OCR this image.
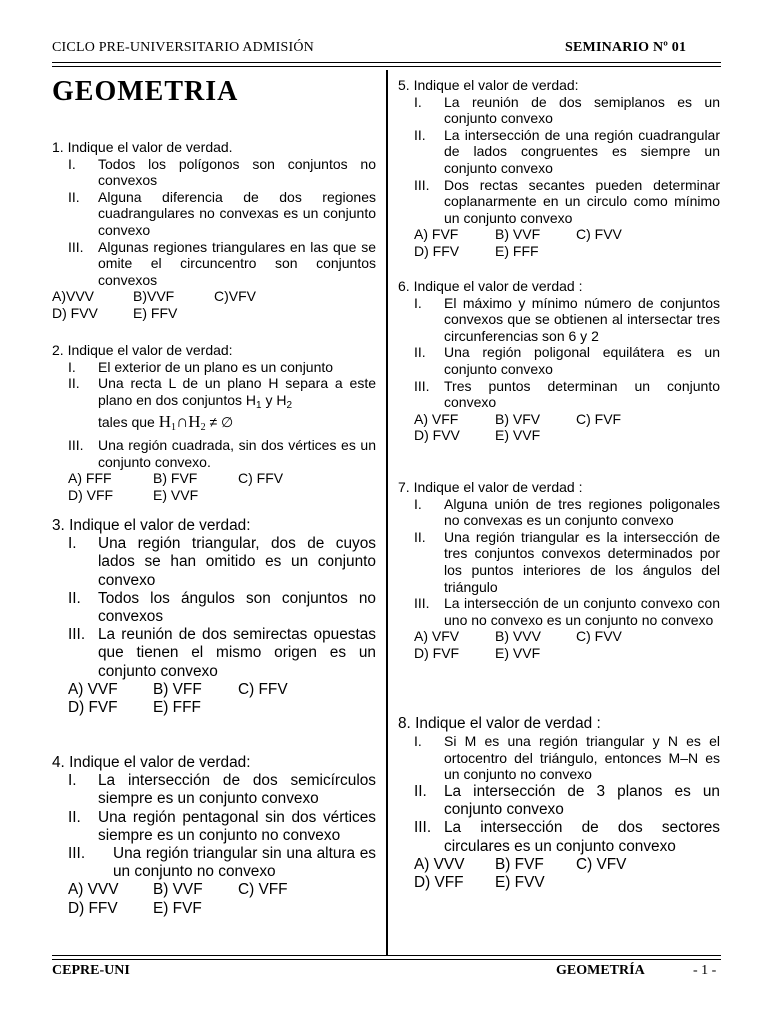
CICLO PRE-UNIVERSITARIO ADMISIÓN	SEMINARIO Nº 01
GEOMETRIA
1. Indique el valor de verdad.
I. Todos los polígonos son conjuntos no convexos
II. Alguna diferencia de dos regiones cuadrangulares no convexas es un conjunto convexo
III. Algunas regiones triangulares en las que se omite el circuncentro son conjuntos convexos
A)VVV	B)VVF	C)VFV
D) FVV	E) FFV
2. Indique el valor de verdad:
I. El exterior de un plano es un conjunto
II. Una recta L de un plano H separa a este plano en dos conjuntos $H_1$ y $H_2$
tales que $H_1\cap H_2$ ≠ ∅
III. Una región cuadrada, sin dos vértices es un conjunto convexo.
A) FFF	B) FVF	C) FFV
D) VFF	E) VVF
3. Indique el valor de verdad:
I. Una región triangular, dos de cuyos lados se han omitido es un conjunto convexo
II. Todos los ángulos son conjuntos no convexos
III. La reunión de dos semirectas opuestas que tienen el mismo origen es un conjunto convexo
A) VVF	B) VFF	C) FFV
D) FVF	E) FFF
4. Indique el valor de verdad:
I. La intersección de dos semicírculos siempre es un conjunto convexo
II. Una región pentagonal sin dos vértices siempre es un conjunto no convexo
III. Una región triangular sin una altura es un conjunto no convexo
A) VVV	B) VVF	C) VFF
D) FFV	E) FVF
5. Indique el valor de verdad:
I. La reunión de dos semiplanos es un conjunto convexo
II. La intersección de una región cuadrangular de lados congruentes es siempre un conjunto convexo
III. Dos rectas secantes pueden determinar coplanarmente en un circulo como mínimo un conjunto convexo
A) FVF	B) VVF	C) FVV
D) FFV	E) FFF
6. Indique el valor de verdad :
I. El máximo y mínimo número de conjuntos convexos que se obtienen al intersectar tres circunferencias son 6 y 2
II. Una región poligonal equilátera es un conjunto convexo
III. Tres puntos determinan un conjunto convexo
A) VFF	B) VFV	C) FVF
D) FVV	E) VVF
7. Indique el valor de verdad :
I. Alguna unión de tres regiones poligonales no convexas es un conjunto convexo
II. Una región triangular es la intersección de tres conjuntos convexos determinados por los puntos interiores de los ángulos del triángulo
III. La intersección de un conjunto convexo con uno no convexo es un conjunto no convexo
A) VFV	B) VVV	C) FVV
D) FVF	E) VVF
8. Indique el valor de verdad :
I. Si M es una región triangular y N es el ortocentro del triángulo, entonces M–N es un conjunto no convexo
II. La intersección de 3 planos es un conjunto convexo
III. La intersección de dos sectores circulares es un conjunto convexo
A) VVV	B) FVF	C) VFV
D) VFF	E) FVV
CEPRE-UNI	GEOMETRÍA	- 1 -
